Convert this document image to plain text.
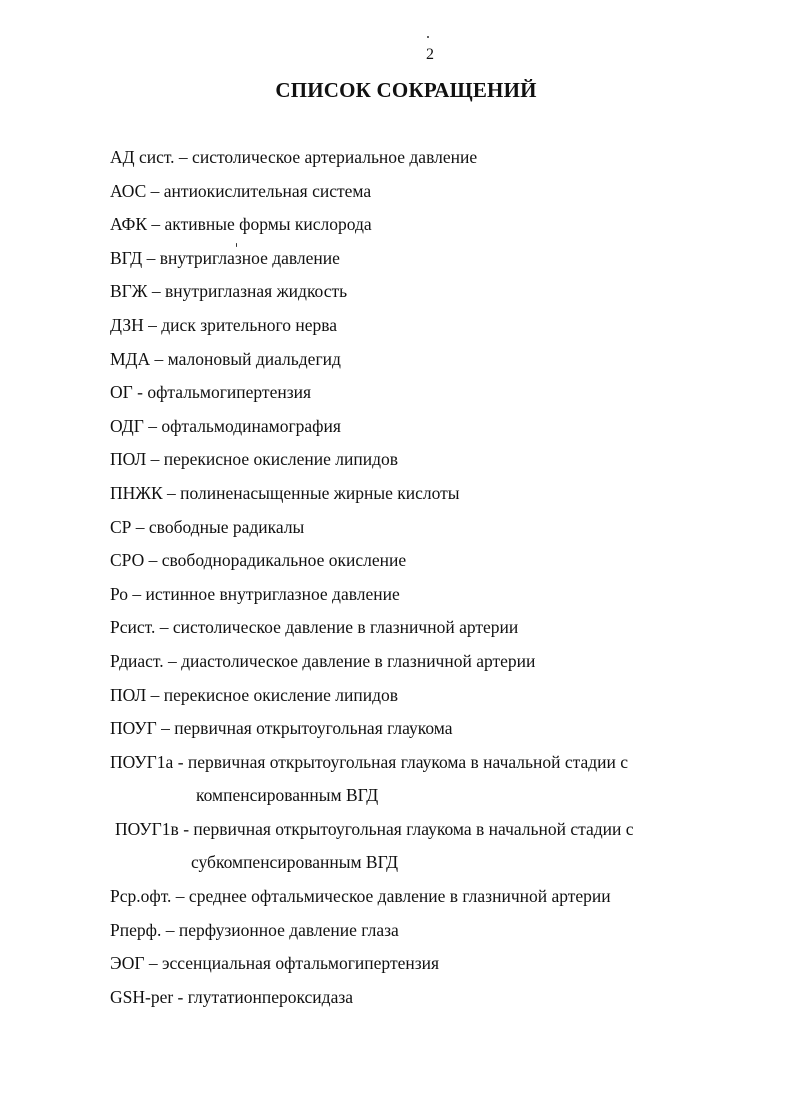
2
СПИСОК СОКРАЩЕНИЙ
АД сист. – систолическое артериальное давление
АОС – антиокислительная система
АФК – активные формы кислорода
ВГД – внутриглазное давление
ВГЖ – внутриглазная жидкость
ДЗН – диск зрительного нерва
МДА – малоновый диальдегид
ОГ - офтальмогипертензия
ОДГ – офтальмодинамография
ПОЛ – перекисное окисление липидов
ПНЖК – полиненасыщенные жирные кислоты
СР – свободные радикалы
СРО – свободнорадикальное окисление
Ро – истинное внутриглазное давление
Рсист. – систолическое давление в глазничной артерии
Рдиаст. – диастолическое давление в глазничной артерии
ПОЛ – перекисное окисление липидов
ПОУГ – первичная открытоугольная глаукома
ПОУГ1а - первичная открытоугольная глаукома в начальной стадии с
компенсированным ВГД
ПОУГ1в - первичная открытоугольная глаукома в начальной стадии с
субкомпенсированным ВГД
Рср.офт. – среднее офтальмическое давление в глазничной артерии
Рперф. – перфузионное давление глаза
ЭОГ – эссенциальная офтальмогипертензия
GSH-per - глутатионпероксидаза
